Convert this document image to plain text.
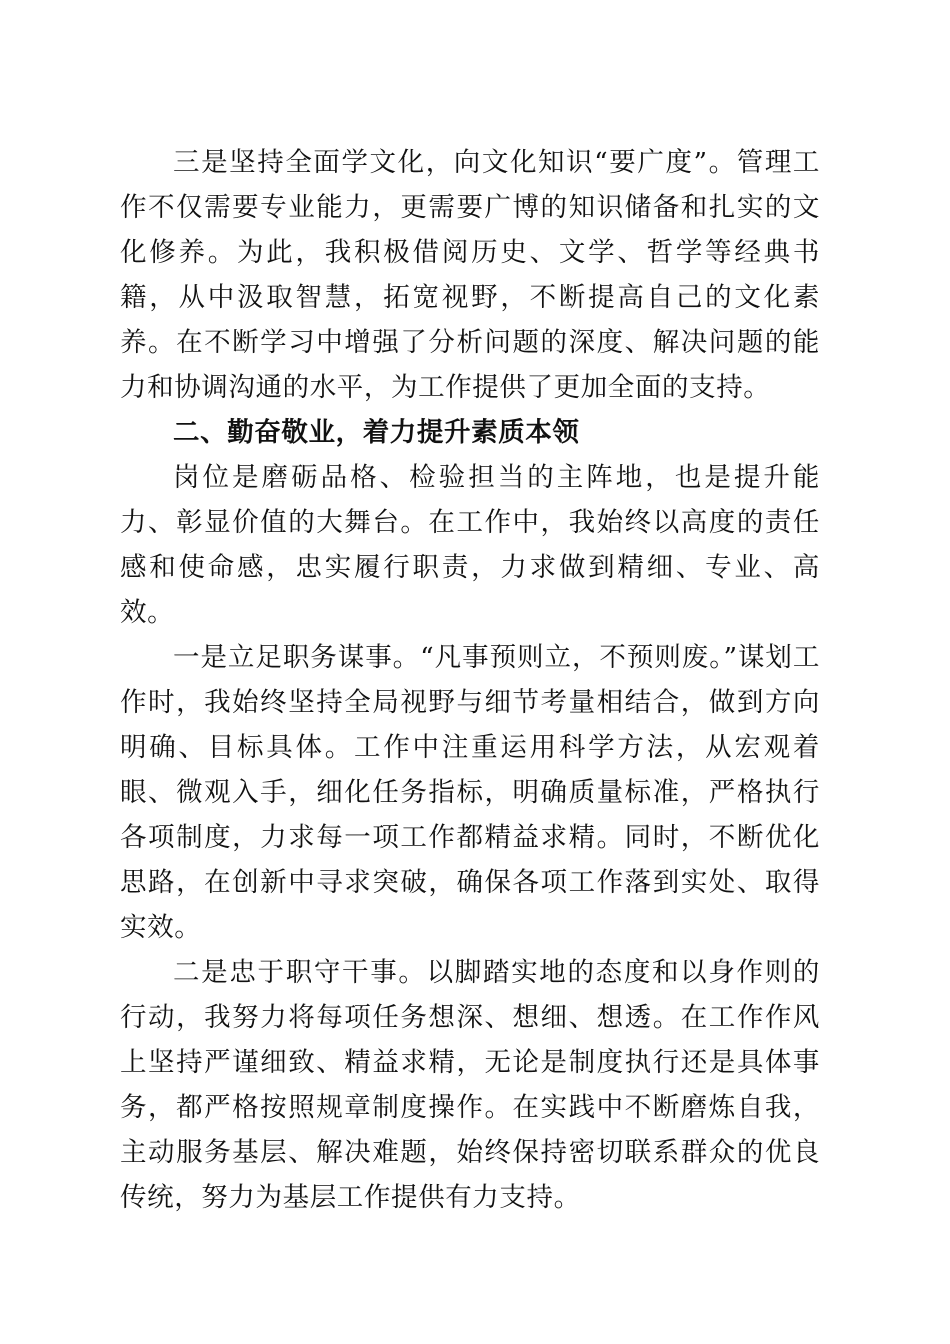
三是坚持全面学文化，向文化知识“要广度”。管理工作不仅需要专业能力，更需要广博的知识储备和扎实的文化修养。为此，我积极借阅历史、文学、哲学等经典书籍，从中汲取智慧，拓宽视野，不断提高自己的文化素养。在不断学习中增强了分析问题的深度、解决问题的能力和协调沟通的水平，为工作提供了更加全面的支持。

二、勤奋敬业，着力提升素质本领

岗位是磨砺品格、检验担当的主阵地，也是提升能力、彰显价值的大舞台。在工作中，我始终以高度的责任感和使命感，忠实履行职责，力求做到精细、专业、高效。

一是立足职务谋事。“凡事预则立，不预则废。”谋划工作时，我始终坚持全局视野与细节考量相结合，做到方向明确、目标具体。工作中注重运用科学方法，从宏观着眼、微观入手，细化任务指标，明确质量标准，严格执行各项制度，力求每一项工作都精益求精。同时，不断优化思路，在创新中寻求突破，确保各项工作落到实处、取得实效。

二是忠于职守干事。以脚踏实地的态度和以身作则的行动，我努力将每项任务想深、想细、想透。在工作作风上坚持严谨细致、精益求精，无论是制度执行还是具体事务，都严格按照规章制度操作。在实践中不断磨炼自我，主动服务基层、解决难题，始终保持密切联系群众的优良传统，努力为基层工作提供有力支持。
